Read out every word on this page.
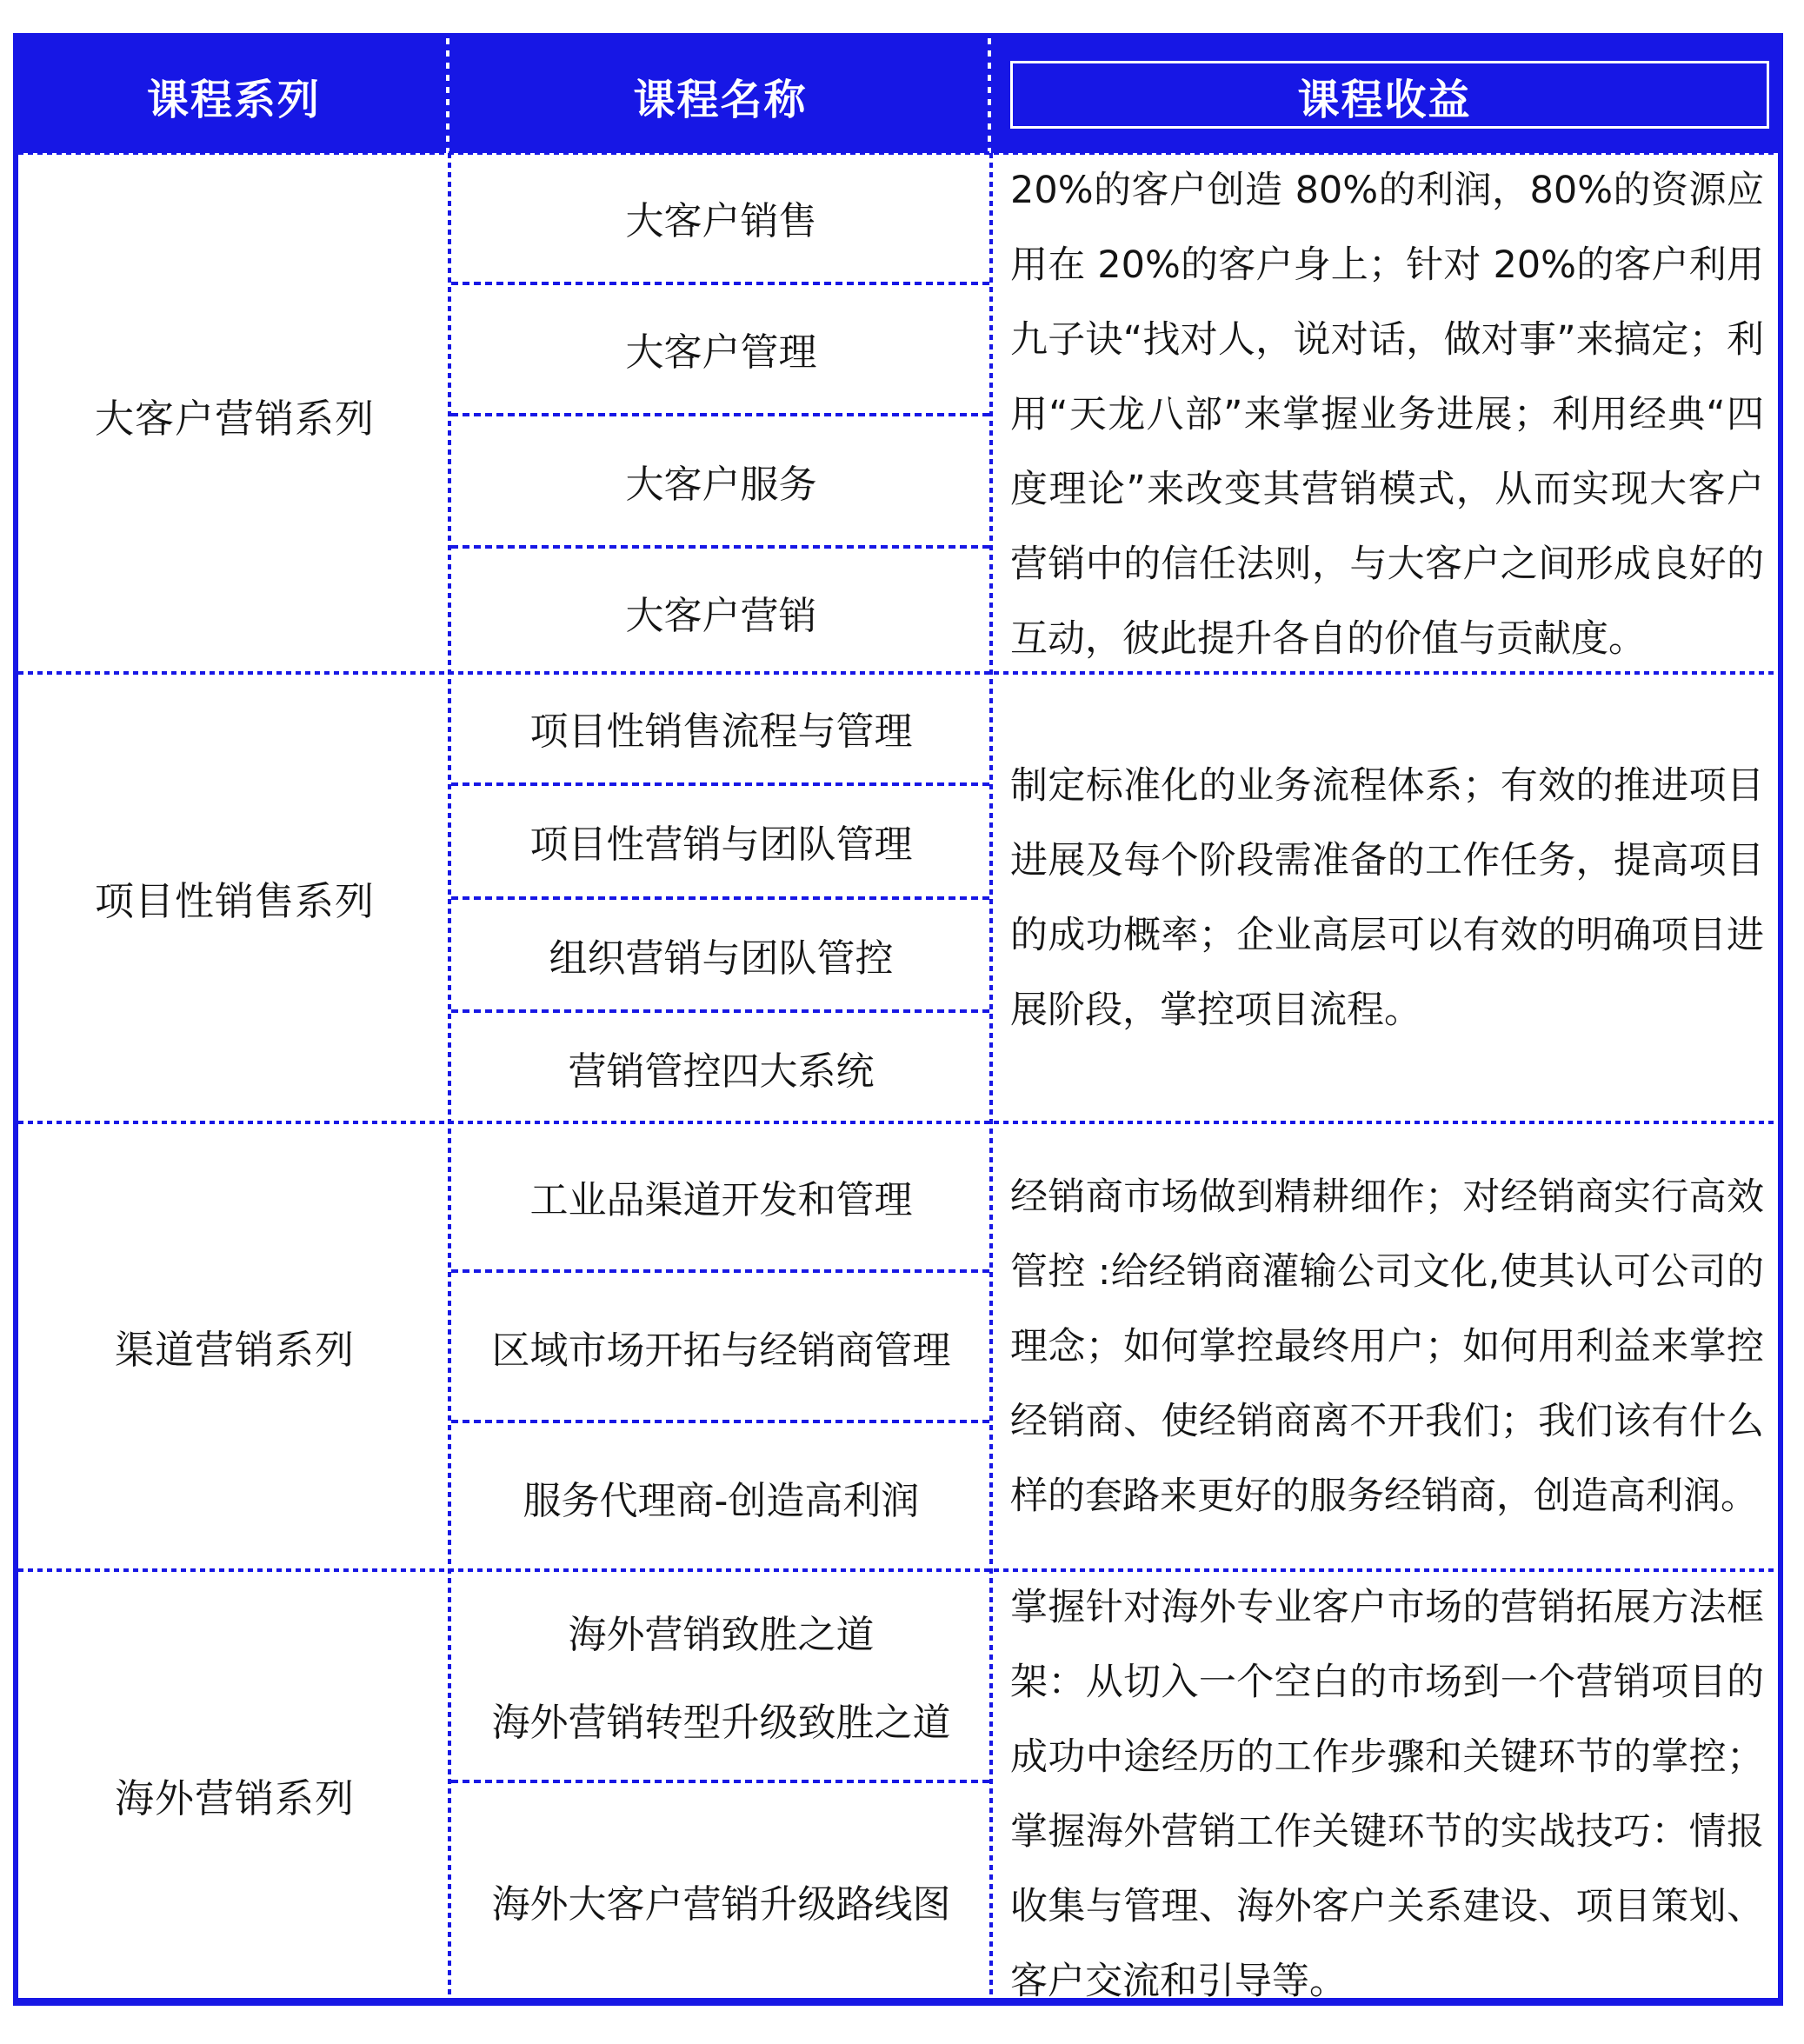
课程系列	课程名称	课程收益
大客户营销系列
大客户销售
大客户管理
大客户服务
大客户营销

20%的客户创造 80%的利润，80%的资源应用在 20%的客户身上；针对 20%的客户利用九子诀“找对人，说对话，做对事”来搞定；利用“天龙八部”来掌握业务进展；利用经典“四度理论”来改变其营销模式，从而实现大客户营销中的信任法则，与大客户之间形成良好的互动，彼此提升各自的价值与贡献度。

项目性销售系列
项目性销售流程与管理
项目性营销与团队管理
组织营销与团队管控
营销管控四大系统

制定标准化的业务流程体系；有效的推进项目进展及每个阶段需准备的工作任务，提高项目的成功概率；企业高层可以有效的明确项目进展阶段，掌控项目流程。

渠道营销系列
工业品渠道开发和管理
区域市场开拓与经销商管理
服务代理商-创造高利润

经销商市场做到精耕细作；对经销商实行高效管控 :给经销商灌输公司文化,使其认可公司的理念；如何掌控最终用户；如何用利益来掌控经销商、使经销商离不开我们；我们该有什么样的套路来更好的服务经销商，创造高利润。

海外营销系列
海外营销致胜之道
海外营销转型升级致胜之道
海外大客户营销升级路线图

掌握针对海外专业客户市场的营销拓展方法框架：从切入一个空白的市场到一个营销项目的成功中途经历的工作步骤和关键环节的掌控；掌握海外营销工作关键环节的实战技巧：情报收集与管理、海外客户关系建设、项目策划、客户交流和引导等。
